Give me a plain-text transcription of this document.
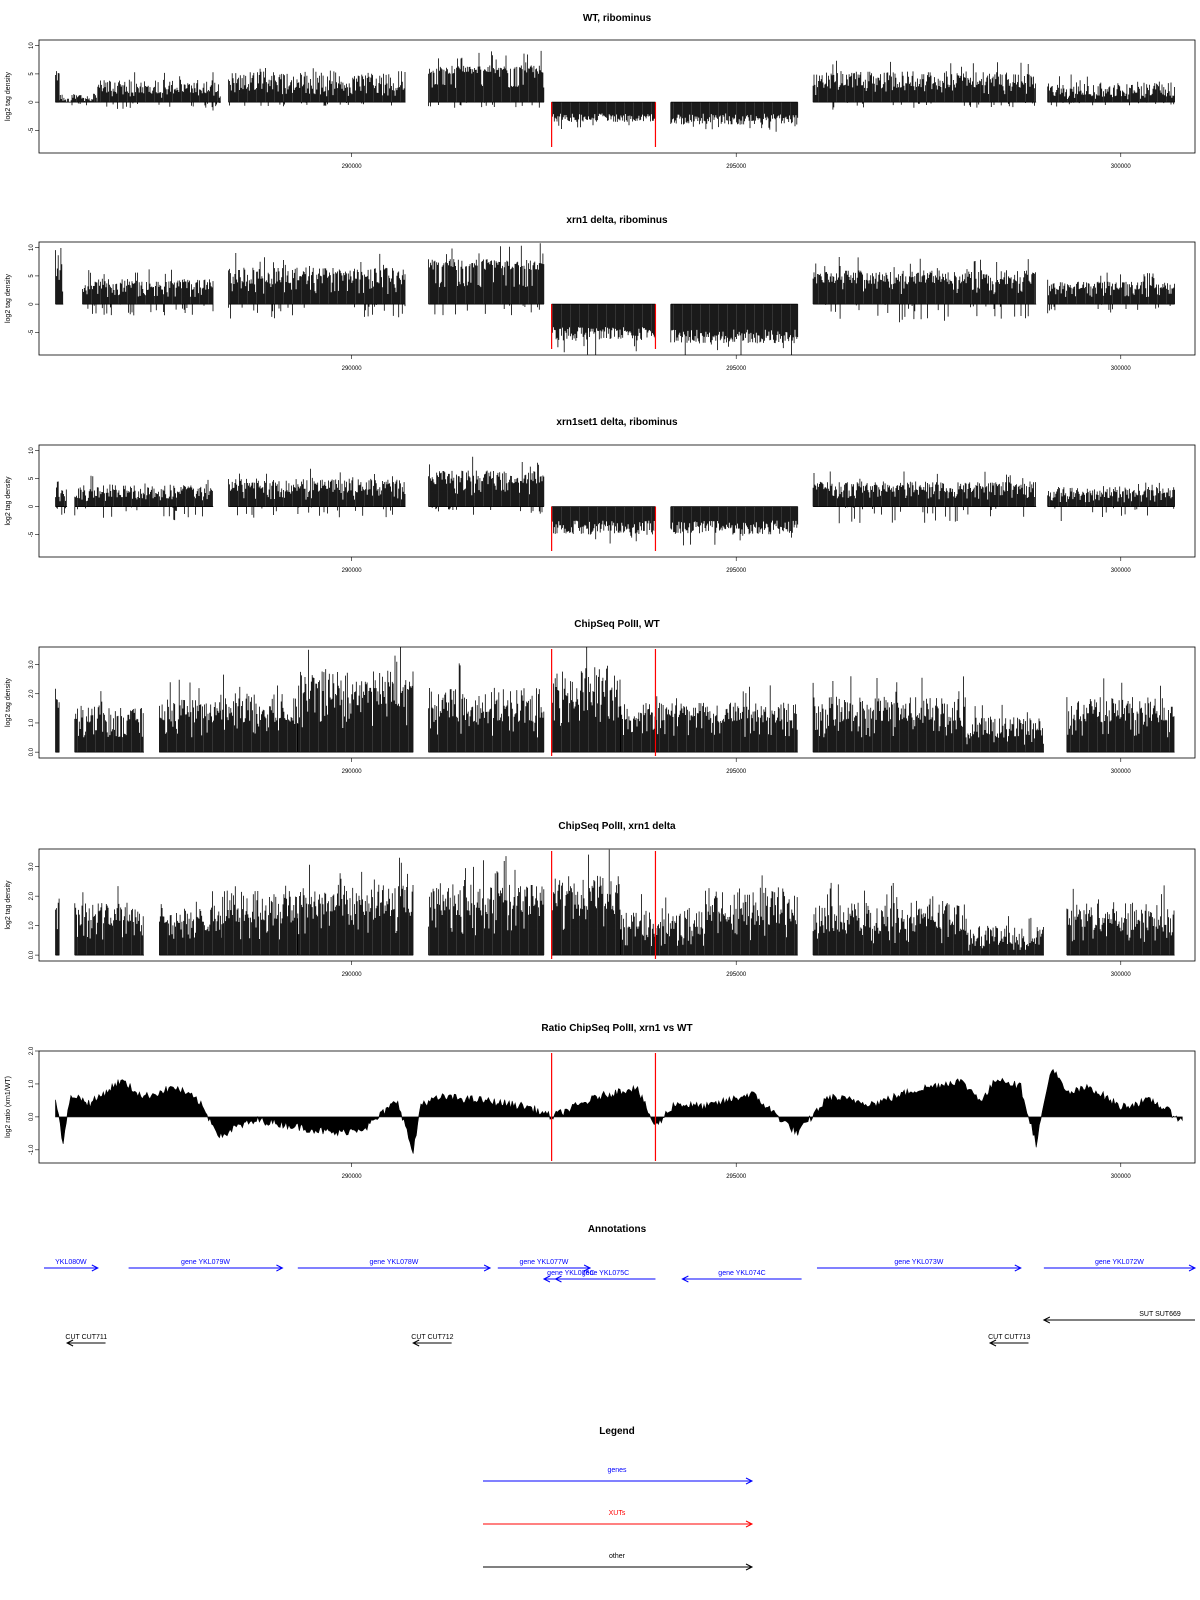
WT, ribominus
-5
0
5
10
log2 tag density
290000	295000	300000
xrn1 delta, ribominus
-5
0
5
10
log2 tag density
290000	295000	300000
xrn1set1 delta, ribominus
-5
0
5
10
log2 tag density
290000	295000	300000
ChipSeq PolII, WT
0.0
1.0
2.0
3.0
log2 tag density
290000	295000	300000
ChipSeq PolII, xrn1 delta
0.0
1.0
2.0
3.0
log2 tag density
290000	295000	300000
Ratio ChipSeq PolII, xrn1 vs WT
-1.0
0.0
1.0
2.0
log2 ratio (xrn1/WT)
290000	295000	300000
Annotations
YKL080W	gene YKL079W	gene YKL078W	gene YKL077W
gene YKL076C
gene YKL075C	gene YKL074C
gene YKL073W	gene YKL072W
SUT SUT669
CUT CUT711	CUT CUT712	CUT CUT713
Legend
genes
XUTs
other
